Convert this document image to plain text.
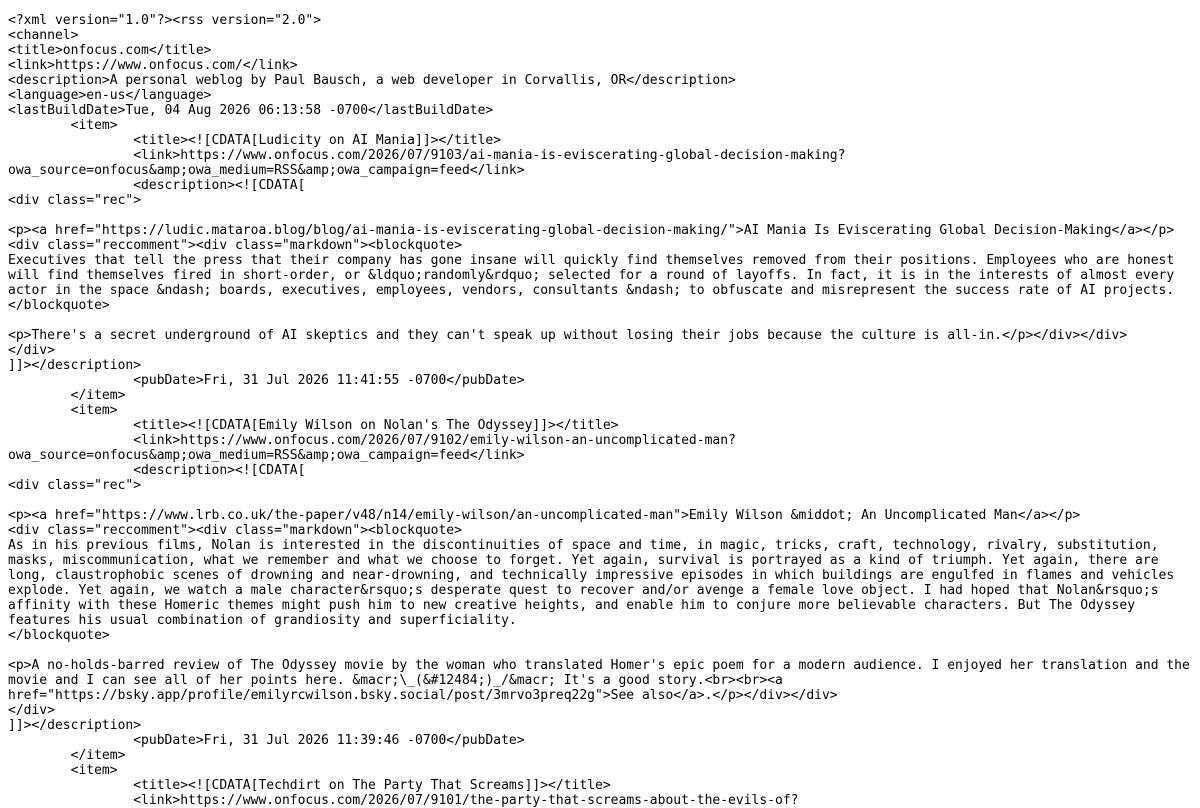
<?xml version="1.0"?><rss version="2.0">
<channel>
<title>onfocus.com</title>
<link>https://www.onfocus.com/</link>
<description>A personal weblog by Paul Bausch, a web developer in Corvallis, OR</description>
<language>en-us</language>
<lastBuildDate>Tue, 04 Aug 2026 06:13:58 -0700</lastBuildDate>
	<item>
		<title><![CDATA[Ludicity on AI Mania]]></title>
		<link>https://www.onfocus.com/2026/07/9103/ai-mania-is-eviscerating-global-decision-making?
owa_source=onfocus&amp;owa_medium=RSS&amp;owa_campaign=feed</link>
		<description><![CDATA[
<div class="rec">
<p><a href="https://ludic.mataroa.blog/blog/ai-mania-is-eviscerating-global-decision-making/">AI Mania Is Eviscerating Global Decision-Making</a></p>
<div class="reccomment"><div class="markdown"><blockquote>
Executives that tell the press that their company has gone insane will quickly find themselves removed from their positions. Employees who are honest
will find themselves fired in short-order, or &ldquo;randomly&rdquo; selected for a round of layoffs. In fact, it is in the interests of almost every
actor in the space &ndash; boards, executives, employees, vendors, consultants &ndash; to obfuscate and misrepresent the success rate of AI projects.
</blockquote>
<p>There's a secret underground of AI skeptics and they can't speak up without losing their jobs because the culture is all-in.</p></div></div>
</div>
]]></description>
		<pubDate>Fri, 31 Jul 2026 11:41:55 -0700</pubDate>
	</item>
	<item>
		<title><![CDATA[Emily Wilson on Nolan's The Odyssey]]></title>
		<link>https://www.onfocus.com/2026/07/9102/emily-wilson-an-uncomplicated-man?
owa_source=onfocus&amp;owa_medium=RSS&amp;owa_campaign=feed</link>
		<description><![CDATA[
<div class="rec">
<p><a href="https://www.lrb.co.uk/the-paper/v48/n14/emily-wilson/an-uncomplicated-man">Emily Wilson &middot; An Uncomplicated Man</a></p>
<div class="reccomment"><div class="markdown"><blockquote>
As in his previous films, Nolan is interested in the discontinuities of space and time, in magic, tricks, craft, technology, rivalry, substitution,
masks, miscommunication, what we remember and what we choose to forget. Yet again, survival is portrayed as a kind of triumph. Yet again, there are
long, claustrophobic scenes of drowning and near-drowning, and technically impressive episodes in which buildings are engulfed in flames and vehicles
explode. Yet again, we watch a male character&rsquo;s desperate quest to recover and/or avenge a female love object. I had hoped that Nolan&rsquo;s
affinity with these Homeric themes might push him to new creative heights, and enable him to conjure more believable characters. But The Odyssey
features his usual combination of grandiosity and superficiality.
</blockquote>
<p>A no-holds-barred review of The Odyssey movie by the woman who translated Homer's epic poem for a modern audience. I enjoyed her translation and the
movie and I can see all of her points here. &macr;\_(&#12484;)_/&macr; It's a good story.<br><br><a
href="https://bsky.app/profile/emilyrcwilson.bsky.social/post/3mrvo3preq22g">See also</a>.</p></div></div>
</div>
]]></description>
		<pubDate>Fri, 31 Jul 2026 11:39:46 -0700</pubDate>
	</item>
	<item>
		<title><![CDATA[Techdirt on The Party That Screams]]></title>
		<link>https://www.onfocus.com/2026/07/9101/the-party-that-screams-about-the-evils-of?
